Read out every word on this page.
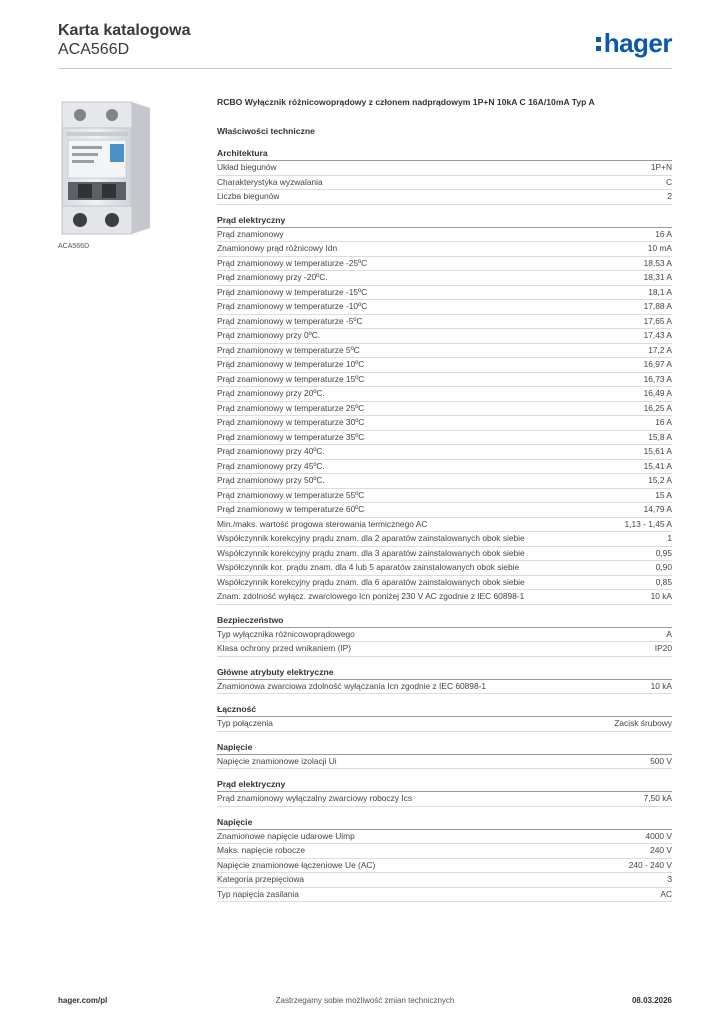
Karta katalogowa
ACA566D	hager
ACA566D
RCBO Wyłącznik różnicowoprądowy z członem nadprądowym 1P+N 10kA C 16A/10mA Typ A
Właściwości techniczne
Architektura
Układ biegunów	1P+N
Charakterystyka wyzwalania	C
Liczba biegunów	2
Prąd elektryczny
Prąd znamionowy	16 A
Znamionowy prąd różnicowy Idn	10 mA
Prąd znamionowy w temperaturze -25ºC	18,53 A
Prąd znamionowy przy -20ºC.	18,31 A
Prąd znamionowy w temperaturze -15ºC	18,1 A
Prąd znamionowy w temperaturze -10ºC	17,88 A
Prąd znamionowy w temperaturze -5ºC	17,65 A
Prąd znamionowy przy 0ºC.	17,43 A
Prąd znamionowy w temperaturze 5ºC	17,2 A
Prąd znamionowy w temperaturze 10ºC	16,97 A
Prąd znamionowy w temperaturze 15ºC	16,73 A
Prąd znamionowy przy 20ºC.	16,49 A
Prąd znamionowy w temperaturze 25ºC	16,25 A
Prąd znamionowy w temperaturze 30ºC	16 A
Prąd znamionowy w temperaturze 35ºC	15,8 A
Prąd znamionowy przy 40ºC.	15,61 A
Prąd znamionowy przy 45ºC.	15,41 A
Prąd znamionowy przy 50ºC.	15,2 A
Prąd znamionowy w temperaturze 55ºC	15 A
Prąd znamionowy w temperaturze 60ºC	14,79 A
Min./maks. wartość progowa sterowania termicznego AC	1,13 - 1,45 A
Współczynnik korekcyjny prądu znam. dla 2 aparatów zainstalowanych obok siebie	1
Współczynnik korekcyjny prądu znam. dla 3 aparatów zainstalowanych obok siebie	0,95
Współczynnik kor. prądu znam. dla 4 lub 5 aparatów zainstalowanych obok siebie	0,90
Współczynnik korekcyjny prądu znam. dla 6 aparatów zainstalowanych obok siebie	0,85
Znam. zdolność wyłącz. zwarciowego Icn poniżej 230 V AC zgodnie z IEC 60898-1	10 kA
Bezpieczeństwo
Typ wyłącznika różnicowoprądowego	A
Klasa ochrony przed wnikaniem (IP)	IP20
Główne atrybuty elektryczne
Znamionowa zwarciowa zdolność wyłączania Icn zgodnie z IEC 60898-1	10 kA
Łączność
Typ połączenia	Zacisk śrubowy
Napięcie
Napięcie znamionowe izolacji Ui	500 V
Prąd elektryczny
Prąd znamionowy wyłączalny zwarciowy roboczy Ics	7,50 kA
Napięcie
Znamionowe napięcie udarowe Uimp	4000 V
Maks. napięcie robocze	240 V
Napięcie znamionowe łączeniowe Ue (AC)	240 - 240 V
Kategoria przepięciowa	3
Typ napięcia zasilania	AC
Zastrzegamy sobie możliwość zmian technicznych
hager.com/pl	08.03.2026
